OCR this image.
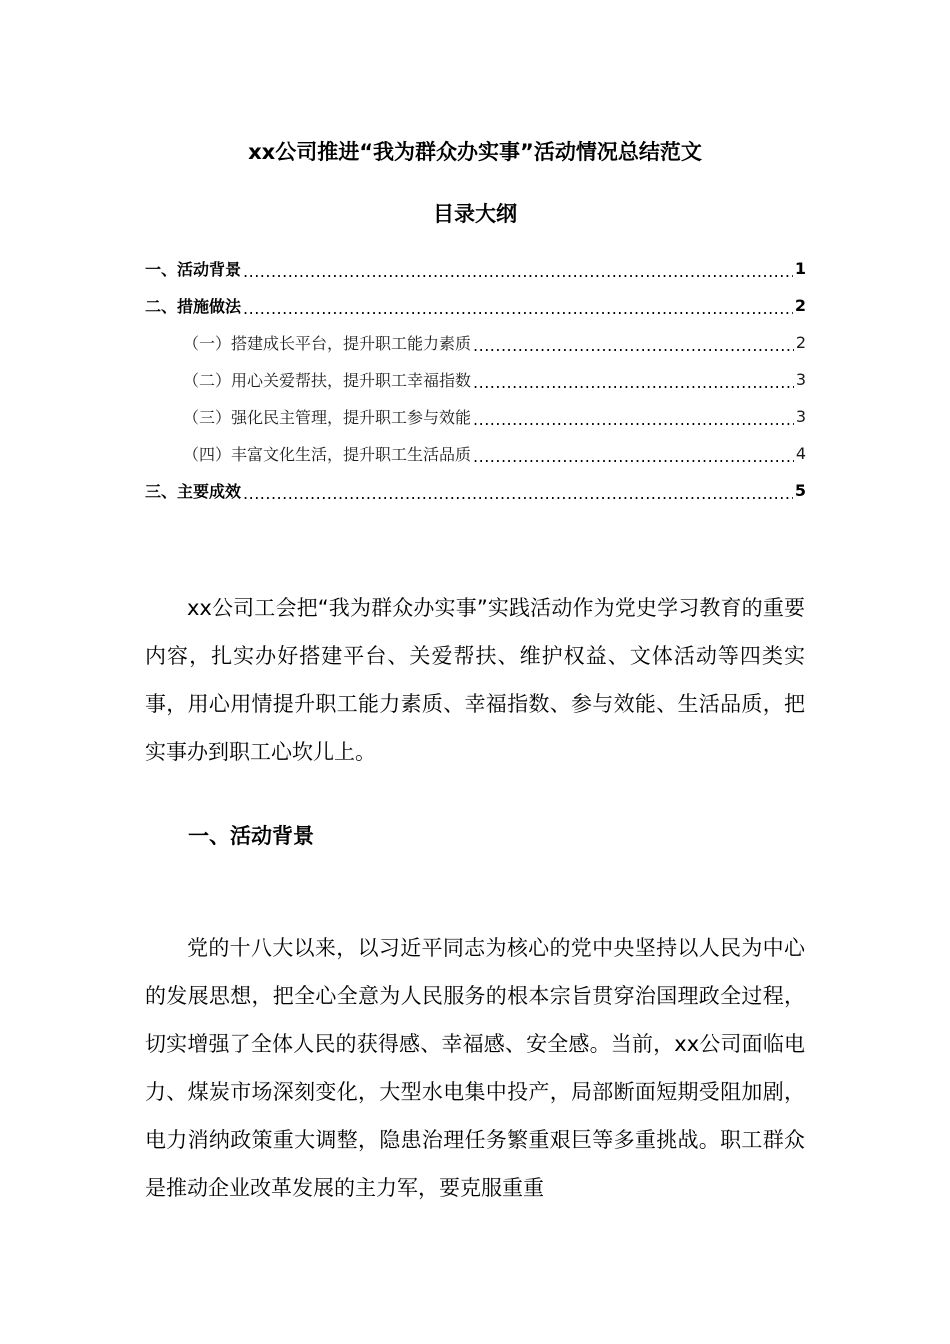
xx公司推进“我为群众办实事”活动情况总结范文
目录大纲
一、活动背景 .....	1
二、措施做法 .....	2
（一）搭建成长平台，提升职工能力素质 .....	2
（二）用心关爱帮扶，提升职工幸福指数 .....	3
（三）强化民主管理，提升职工参与效能 .....	3
（四）丰富文化生活，提升职工生活品质 .....	4
三、主要成效 .....	5

xx公司工会把“我为群众办实事”实践活动作为党史学习教育的重要内容，扎实办好搭建平台、关爱帮扶、维护权益、文体活动等四类实事，用心用情提升职工能力素质、幸福指数、参与效能、生活品质，把实事办到职工心坎儿上。

一、活动背景

党的十八大以来，以习近平同志为核心的党中央坚持以人民为中心的发展思想，把全心全意为人民服务的根本宗旨贯穿治国理政全过程，切实增强了全体人民的获得感、幸福感、安全感。当前，xx公司面临电力、煤炭市场深刻变化，大型水电集中投产，局部断面短期受阻加剧，电力消纳政策重大调整，隐患治理任务繁重艰巨等多重挑战。职工群众是推动企业改革发展的主力军，要克服重重
